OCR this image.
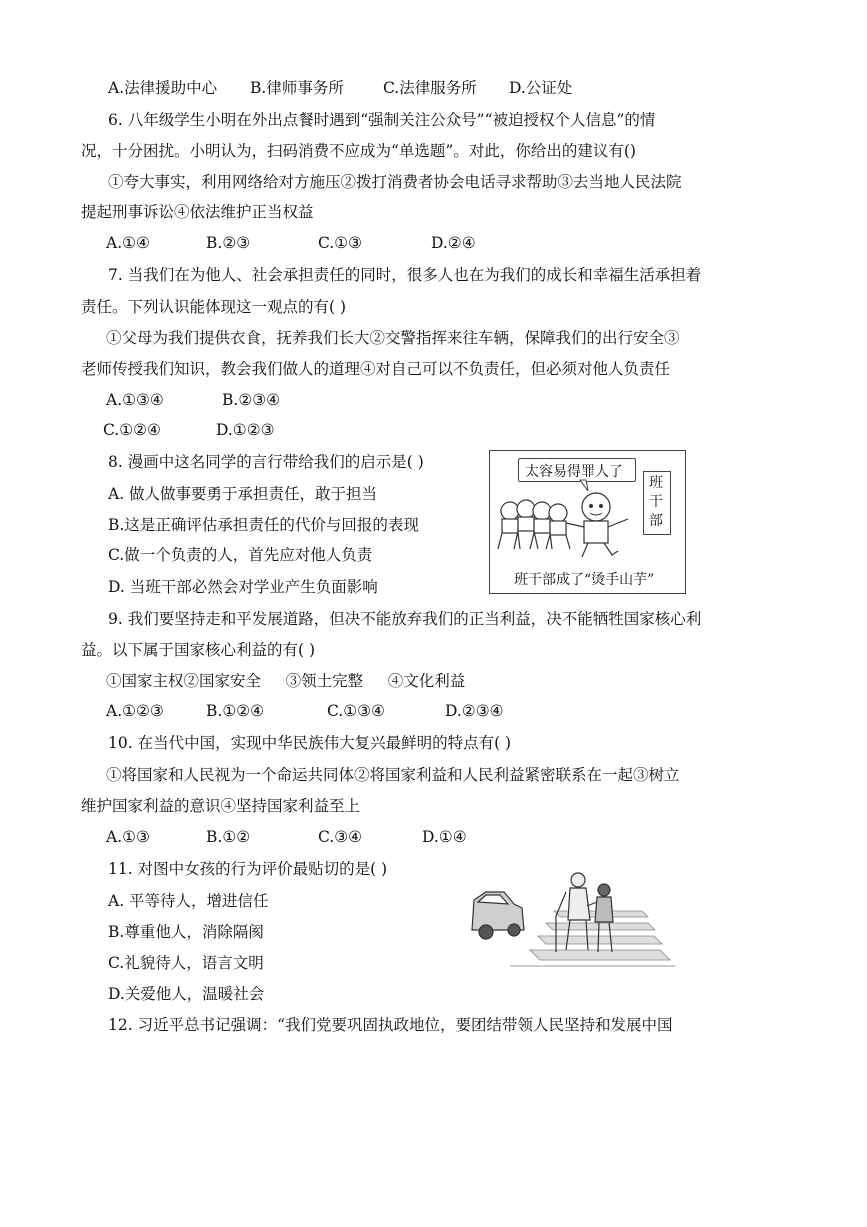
A.法律援助中心 B.律师事务所	C.法律服务所 D.公证处
6. 八年级学生小明在外出点餐时遇到“强制关注公众号”“被迫授权个人信息”的情
况，十分困扰。小明认为，扫码消费不应成为“单选题”。对此，你给出的建议有()
①夸大事实，利用网络给对方施压②拨打消费者协会电话寻求帮助③去当地人民法院
提起刑事诉讼④依法维护正当权益
A.①④	B.②③	C.①③	D.②④
7. 当我们在为他人、社会承担责任的同时，很多人也在为我们的成长和幸福生活承担着
责任。下列认识能体现这一观点的有( )
①父母为我们提供衣食，抚养我们长大②交警指挥来往车辆，保障我们的出行安全③
老师传授我们知识，教会我们做人的道理④对自己可以不负责任，但必须对他人负责任
A.①③④	B.②③④
C.①②④	D.①②③
8. 漫画中这名同学的言行带给我们的启示是( )
A. 做人做事要勇于承担责任，敢于担当
B.这是正确评估承担责任的代价与回报的表现
C.做一个负责的人，首先应对他人负责
D. 当班干部必然会对学业产生负面影响
太容易得罪人了
班干部
班干部成了“烫手山芋”
9. 我们要坚持走和平发展道路，但决不能放弃我们的正当利益，决不能牺牲国家核心利
益。以下属于国家核心利益的有( )
①国家主权②国家安全     ③领土完整     ④文化利益
A.①②③	B.①②④	C.①③④	D.②③④
10. 在当代中国，实现中华民族伟大复兴最鲜明的特点有( )
①将国家和人民视为一个命运共同体②将国家利益和人民利益紧密联系在一起③树立
维护国家利益的意识④坚持国家利益至上
A.①③	B.①②	C.③④	D.①④
11. 对图中女孩的行为评价最贴切的是( )
A. 平等待人，增进信任
B.尊重他人，消除隔阂
C.礼貌待人，语言文明
D.关爱他人，温暖社会
12. 习近平总书记强调：“我们党要巩固执政地位，要团结带领人民坚持和发展中国
